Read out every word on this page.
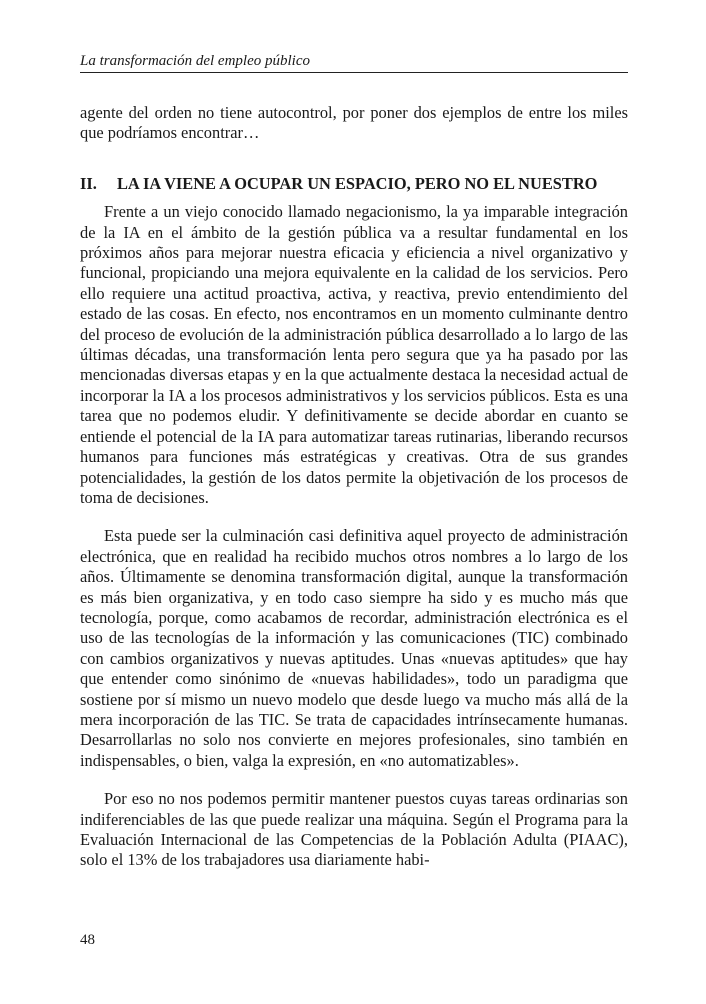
La transformación del empleo público

agente del orden no tiene autocontrol, por poner dos ejemplos de entre los miles que podríamos encontrar…

II.	LA IA VIENE A OCUPAR UN ESPACIO, PERO NO EL NUESTRO

Frente a un viejo conocido llamado negacionismo, la ya imparable integración de la IA en el ámbito de la gestión pública va a resultar fundamental en los próximos años para mejorar nuestra eficacia y eficiencia a nivel organizativo y funcional, propiciando una mejora equivalente en la calidad de los servicios. Pero ello requiere una actitud proactiva, activa, y reactiva, previo entendimiento del estado de las cosas. En efecto, nos encontramos en un momento culminante dentro del proceso de evolución de la administración pública desarrollado a lo largo de las últimas décadas, una transformación lenta pero segura que ya ha pasado por las mencionadas diversas etapas y en la que actualmente destaca la necesidad actual de incorporar la IA a los procesos administrativos y los servicios públicos. Esta es una tarea que no podemos eludir. Y definitivamente se decide abordar en cuanto se entiende el potencial de la IA para automatizar tareas rutinarias, liberando recursos humanos para funciones más estratégicas y creativas. Otra de sus grandes potencialidades, la gestión de los datos permite la objetivación de los procesos de toma de decisiones.

Esta puede ser la culminación casi definitiva aquel proyecto de administración electrónica, que en realidad ha recibido muchos otros nombres a lo largo de los años. Últimamente se denomina transformación digital, aunque la transformación es más bien organizativa, y en todo caso siempre ha sido y es mucho más que tecnología, porque, como acabamos de recordar, administración electrónica es el uso de las tecnologías de la información y las comunicaciones (TIC) combinado con cambios organizativos y nuevas aptitudes. Unas «nuevas aptitudes» que hay que entender como sinónimo de «nuevas habilidades», todo un paradigma que sostiene por sí mismo un nuevo modelo que desde luego va mucho más allá de la mera incorporación de las TIC. Se trata de capacidades intrínsecamente humanas. Desarrollarlas no solo nos convierte en mejores profesionales, sino también en indispensables, o bien, valga la expresión, en «no automatizables».

Por eso no nos podemos permitir mantener puestos cuyas tareas ordinarias son indiferenciables de las que puede realizar una máquina. Según el Programa para la Evaluación Internacional de las Competencias de la Población Adulta (PIAAC), solo el 13% de los trabajadores usa diariamente habi-

48
